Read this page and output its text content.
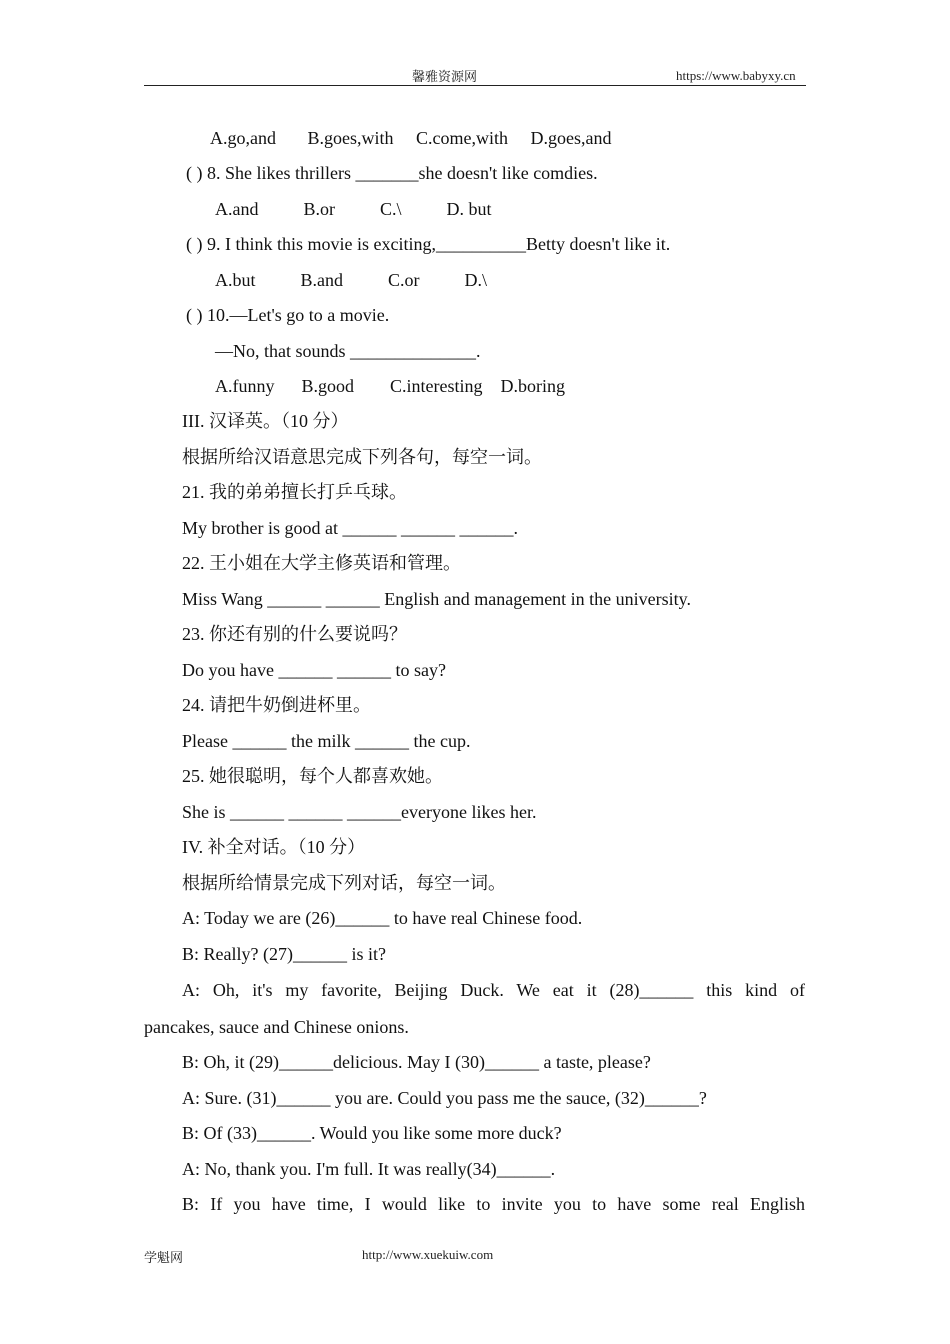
馨雅资源网	https://www.babyxy.cn
A.go,and       B.goes,with     C.come,with     D.goes,and
( ) 8. She likes thrillers _______she doesn't like comdies.
A.and          B.or          C.\          D. but
( ) 9. I think this movie is exciting,__________Betty doesn't like it.
A.but          B.and          C.or          D.\
( ) 10.—Let's go to a movie.
—No, that sounds ______________.
A.funny      B.good        C.interesting    D.boring
III. 汉译英。（10 分）
根据所给汉语意思完成下列各句，每空一词。
21. 我的弟弟擅长打乒乓球。
My brother is good at ______ ______ ______.
22. 王小姐在大学主修英语和管理。
Miss Wang ______ ______ English and management in the university.
23. 你还有别的什么要说吗？
Do you have ______ ______ to say?
24. 请把牛奶倒进杯里。
Please ______ the milk ______ the cup.
25. 她很聪明，每个人都喜欢她。
She is ______ ______ ______everyone likes her.
IV. 补全对话。（10 分）
根据所给情景完成下列对话，每空一词。
A: Today we are (26)______ to have real Chinese food.
B: Really? (27)______ is it?
A: Oh, it's my favorite, Beijing Duck. We eat it (28)______ this kind of
pancakes, sauce and Chinese onions.
B: Oh, it (29)______delicious. May I (30)______ a taste, please?
A: Sure. (31)______ you are. Could you pass me the sauce, (32)______?
B: Of (33)______. Would you like some more duck?
A: No, thank you. I'm full. It was really(34)______.
B: If you have time, I would like to invite you to have some real English
学魁网	http://www.xuekuiw.com
